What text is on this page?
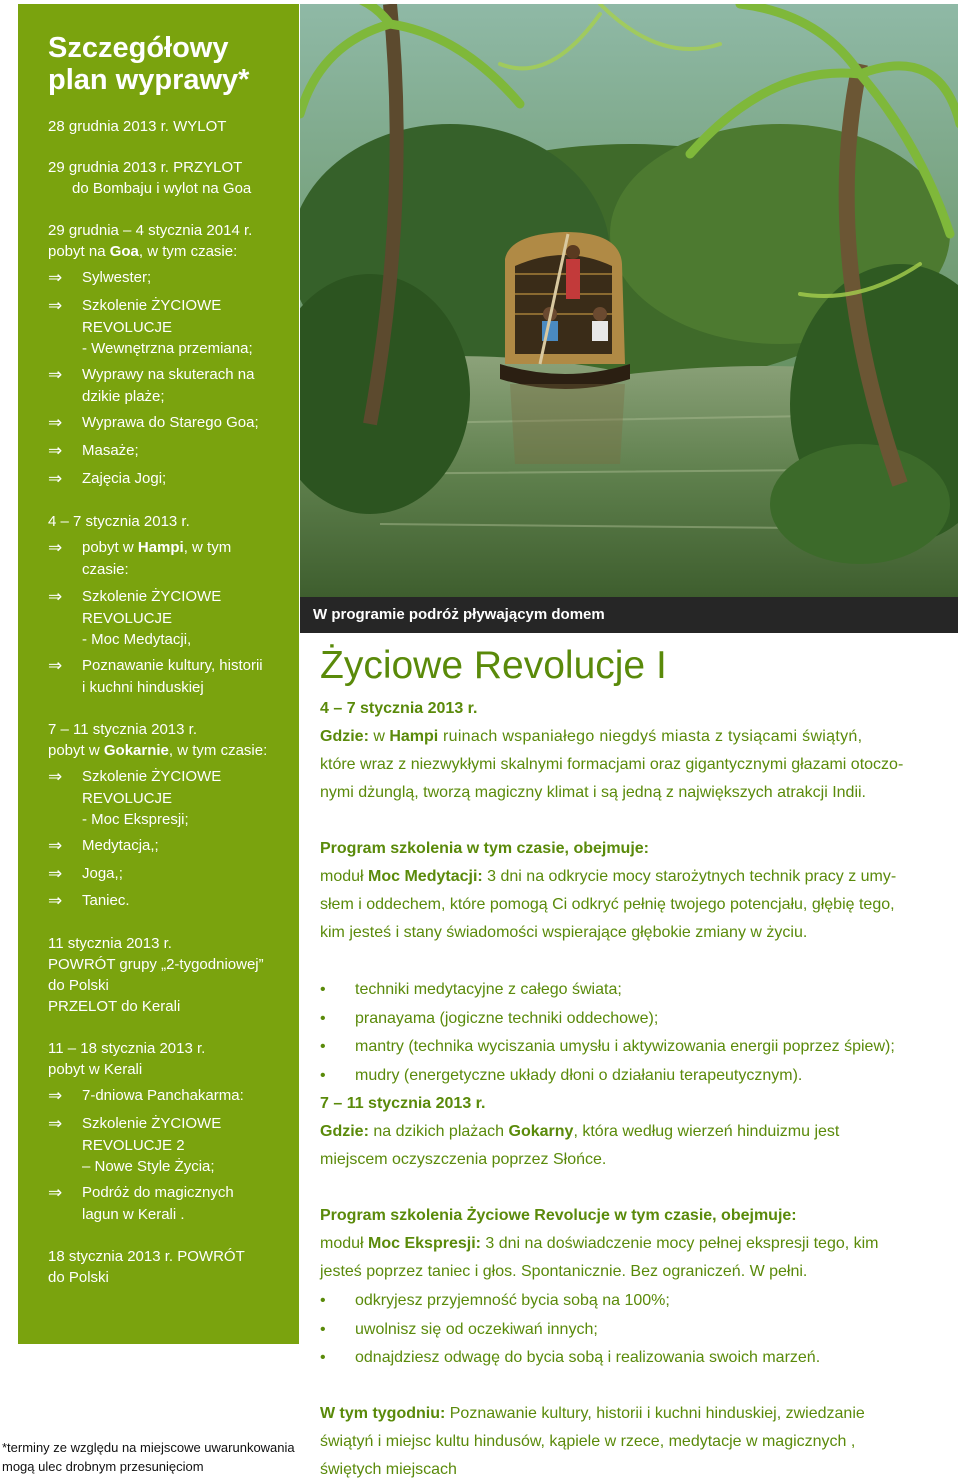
Szczegółowy
plan wyprawy*
28 grudnia 2013 r. WYLOT
29 grudnia 2013 r. PRZYLOT
do Bombaju i wylot na Goa
29 grudnia – 4 stycznia 2014 r.
pobyt na Goa, w tym czasie:
⇒ Sylwester;
⇒ Szkolenie ŻYCIOWE
REVOLUCJE
- Wewnętrzna przemiana;
⇒ Wyprawy na skuterach na
dzikie plaże;
⇒ Wyprawa do Starego Goa;
⇒ Masaże;
⇒ Zajęcia Jogi;
4 – 7 stycznia 2013 r.
⇒ pobyt w Hampi, w tym
czasie:
⇒ Szkolenie ŻYCIOWE
REVOLUCJE
- Moc Medytacji,
⇒ Poznawanie kultury, historii
i kuchni hinduskiej
7 – 11 stycznia 2013 r.
pobyt w Gokarnie, w tym czasie:
⇒ Szkolenie ŻYCIOWE
REVOLUCJE
- Moc Ekspresji;
⇒ Medytacja,;
⇒ Joga,;
⇒ Taniec.
11 stycznia 2013 r.
POWRÓT grupy „2-tygodniowej”
do Polski
PRZELOT do Kerali
11 – 18 stycznia 2013 r.
pobyt w Kerali
⇒ 7-dniowa Panchakarma:
⇒ Szkolenie ŻYCIOWE
REVOLUCJE 2
– Nowe Style Życia;
⇒ Podróż do magicznych
lagun w Kerali .
18 stycznia 2013 r. POWRÓT
do Polski
W programie podróż pływającym domem
Życiowe Revolucje I
4 – 7 stycznia 2013 r.
Gdzie: w Hampi ruinach wspaniałego niegdyś miasta z tysiącami świątyń,
które wraz z niezwykłymi skalnymi formacjami oraz gigantycznymi głazami otoczo-
nymi dżunglą, tworzą magiczny klimat i są jedną z największych atrakcji Indii.
Program szkolenia w tym czasie, obejmuje:
moduł Moc Medytacji: 3 dni na odkrycie mocy starożytnych technik pracy z umy-
słem i oddechem, które pomogą Ci odkryć pełnię twojego potencjału, głębię tego,
kim jesteś i stany świadomości wspierające głębokie zmiany w życiu.
• techniki medytacyjne z całego świata;
• pranayama (jogiczne techniki oddechowe);
• mantry (technika wyciszania umysłu i aktywizowania energii poprzez śpiew);
• mudry (energetyczne układy dłoni o działaniu terapeutycznym).
7 – 11 stycznia 2013 r.
Gdzie: na dzikich plażach Gokarny, która według wierzeń hinduizmu jest
miejscem oczyszczenia poprzez Słońce.
Program szkolenia Życiowe Revolucje w tym czasie, obejmuje:
moduł Moc Ekspresji: 3 dni na doświadczenie mocy pełnej ekspresji tego, kim
jesteś poprzez taniec i głos. Spontanicznie. Bez ograniczeń. W pełni.
• odkryjesz przyjemność bycia sobą na 100%;
• uwolnisz się od oczekiwań innych;
• odnajdziesz odwagę do bycia sobą i realizowania swoich marzeń.
W tym tygodniu: Poznawanie kultury, historii i kuchni hinduskiej, zwiedzanie
świątyń i miejsc kultu hindusów, kąpiele w rzece, medytacje w magicznych ,
świętych miejscach
*terminy ze względu na miejscowe uwarunkowania
mogą ulec drobnym przesunięciom
